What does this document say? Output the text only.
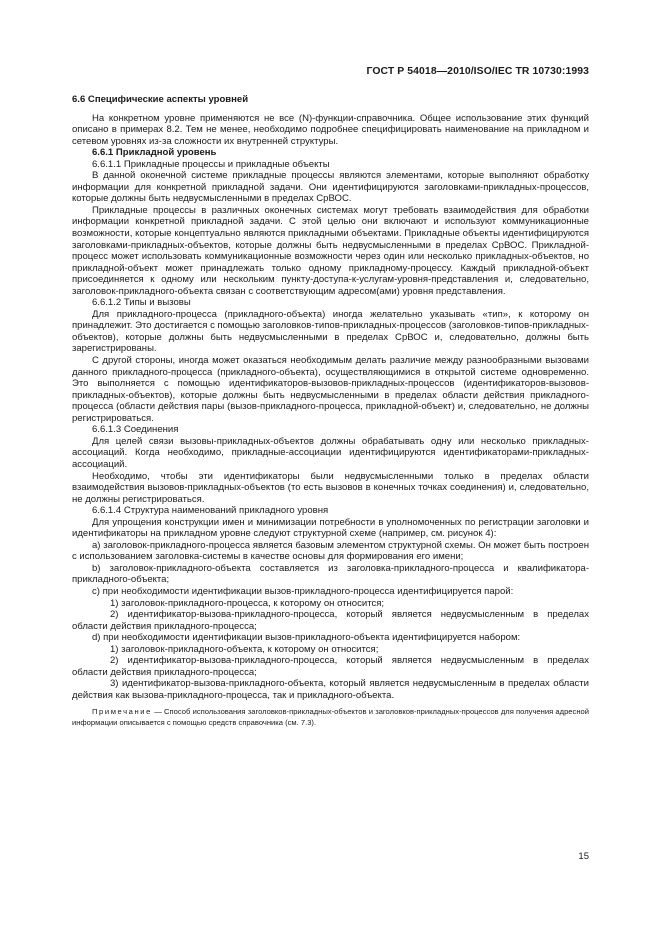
ГОСТ Р 54018—2010/ISO/IEC TR 10730:1993

6.6 Специфические аспекты уровней

На конкретном уровне применяются не все (N)-функции-справочника. Общее использование этих функций описано в примерах 8.2. Тем не менее, необходимо подробнее специфицировать наименование на прикладном и сетевом уровнях из-за сложности их внутренней структуры.

6.6.1 Прикладной уровень

6.6.1.1 Прикладные процессы и прикладные объекты

В данной оконечной системе прикладные процессы являются элементами, которые выполняют обработку информации для конкретной прикладной задачи. Они идентифицируются заголовками-прикладных-процессов, которые должны быть недвусмысленными в пределах СрВОС.

Прикладные процессы в различных оконечных системах могут требовать взаимодействия для обработки информации конкретной прикладной задачи. С этой целью они включают и используют коммуникационные возможности, которые концептуально являются прикладными объектами. Прикладные объекты идентифицируются заголовками-прикладных-объектов, которые должны быть недвусмысленными в пределах СрВОС. Прикладной-процесс может использовать коммуникационные возможности через один или несколько прикладных-объектов, но прикладной-объект может принадлежать только одному прикладному-процессу. Каждый прикладной-объект присоединяется к одному или нескольким пункту-доступа-к-услугам-уровня-представления и, следовательно, заголовок-прикладного-объекта связан с соответствующим адресом(ами) уровня представления.

6.6.1.2 Типы и вызовы

Для прикладного-процесса (прикладного-объекта) иногда желательно указывать «тип», к которому он принадлежит. Это достигается с помощью заголовков-типов-прикладных-процессов (заголовков-типов-прикладных-объектов), которые должны быть недвусмысленными в пределах СрВОС и, следовательно, должны быть зарегистрированы.

С другой стороны, иногда может оказаться необходимым делать различие между разнообразными вызовами данного прикладного-процесса (прикладного-объекта), осуществляющимися в открытой системе одновременно. Это выполняется с помощью идентификаторов-вызовов-прикладных-процессов (идентификаторов-вызовов-прикладных-объектов), которые должны быть недвусмысленными в пределах области действия прикладного-процесса (области действия пары (вызов-прикладного-процесса, прикладной-объект) и, следовательно, не должны регистрироваться.

6.6.1.3 Соединения

Для целей связи вызовы-прикладных-объектов должны обрабатывать одну или несколько прикладных-ассоциаций. Когда необходимо, прикладные-ассоциации идентифицируются идентификаторами-прикладных-ассоциаций.

Необходимо, чтобы эти идентификаторы были недвусмысленными только в пределах области взаимодействия вызовов-прикладных-объектов (то есть вызовов в конечных точках соединения) и, следовательно, не должны регистрироваться.

6.6.1.4 Структура наименований прикладного уровня

Для упрощения конструкции имен и минимизации потребности в уполномоченных по регистрации заголовки и идентификаторы на прикладном уровне следуют структурной схеме (например, см. рисунок 4):

а) заголовок-прикладного-процесса является базовым элементом структурной схемы. Он может быть построен с использованием заголовка-системы в качестве основы для формирования его имени;

b) заголовок-прикладного-объекта составляется из заголовка-прикладного-процесса и квалификатора-прикладного-объекта;

с) при необходимости идентификации вызов-прикладного-процесса идентифицируется парой:

1) заголовок-прикладного-процесса, к которому он относится;

2) идентификатор-вызова-прикладного-процесса, который является недвусмысленным в пределах области действия прикладного-процесса;

d) при необходимости идентификации вызов-прикладного-объекта идентифицируется набором:

1) заголовок-прикладного-объекта, к которому он относится;

2) идентификатор-вызова-прикладного-процесса, который является недвусмысленным в пределах области действия прикладного-процесса;

3) идентификатор-вызова-прикладного-объекта, который является недвусмысленным в пределах области действия как вызова-прикладного-процесса, так и прикладного-объекта.

Примечание — Способ использования заголовков-прикладных-объектов и заголовков-прикладных-процессов для получения адресной информации описывается с помощью средств справочника (см. 7.3).

15
